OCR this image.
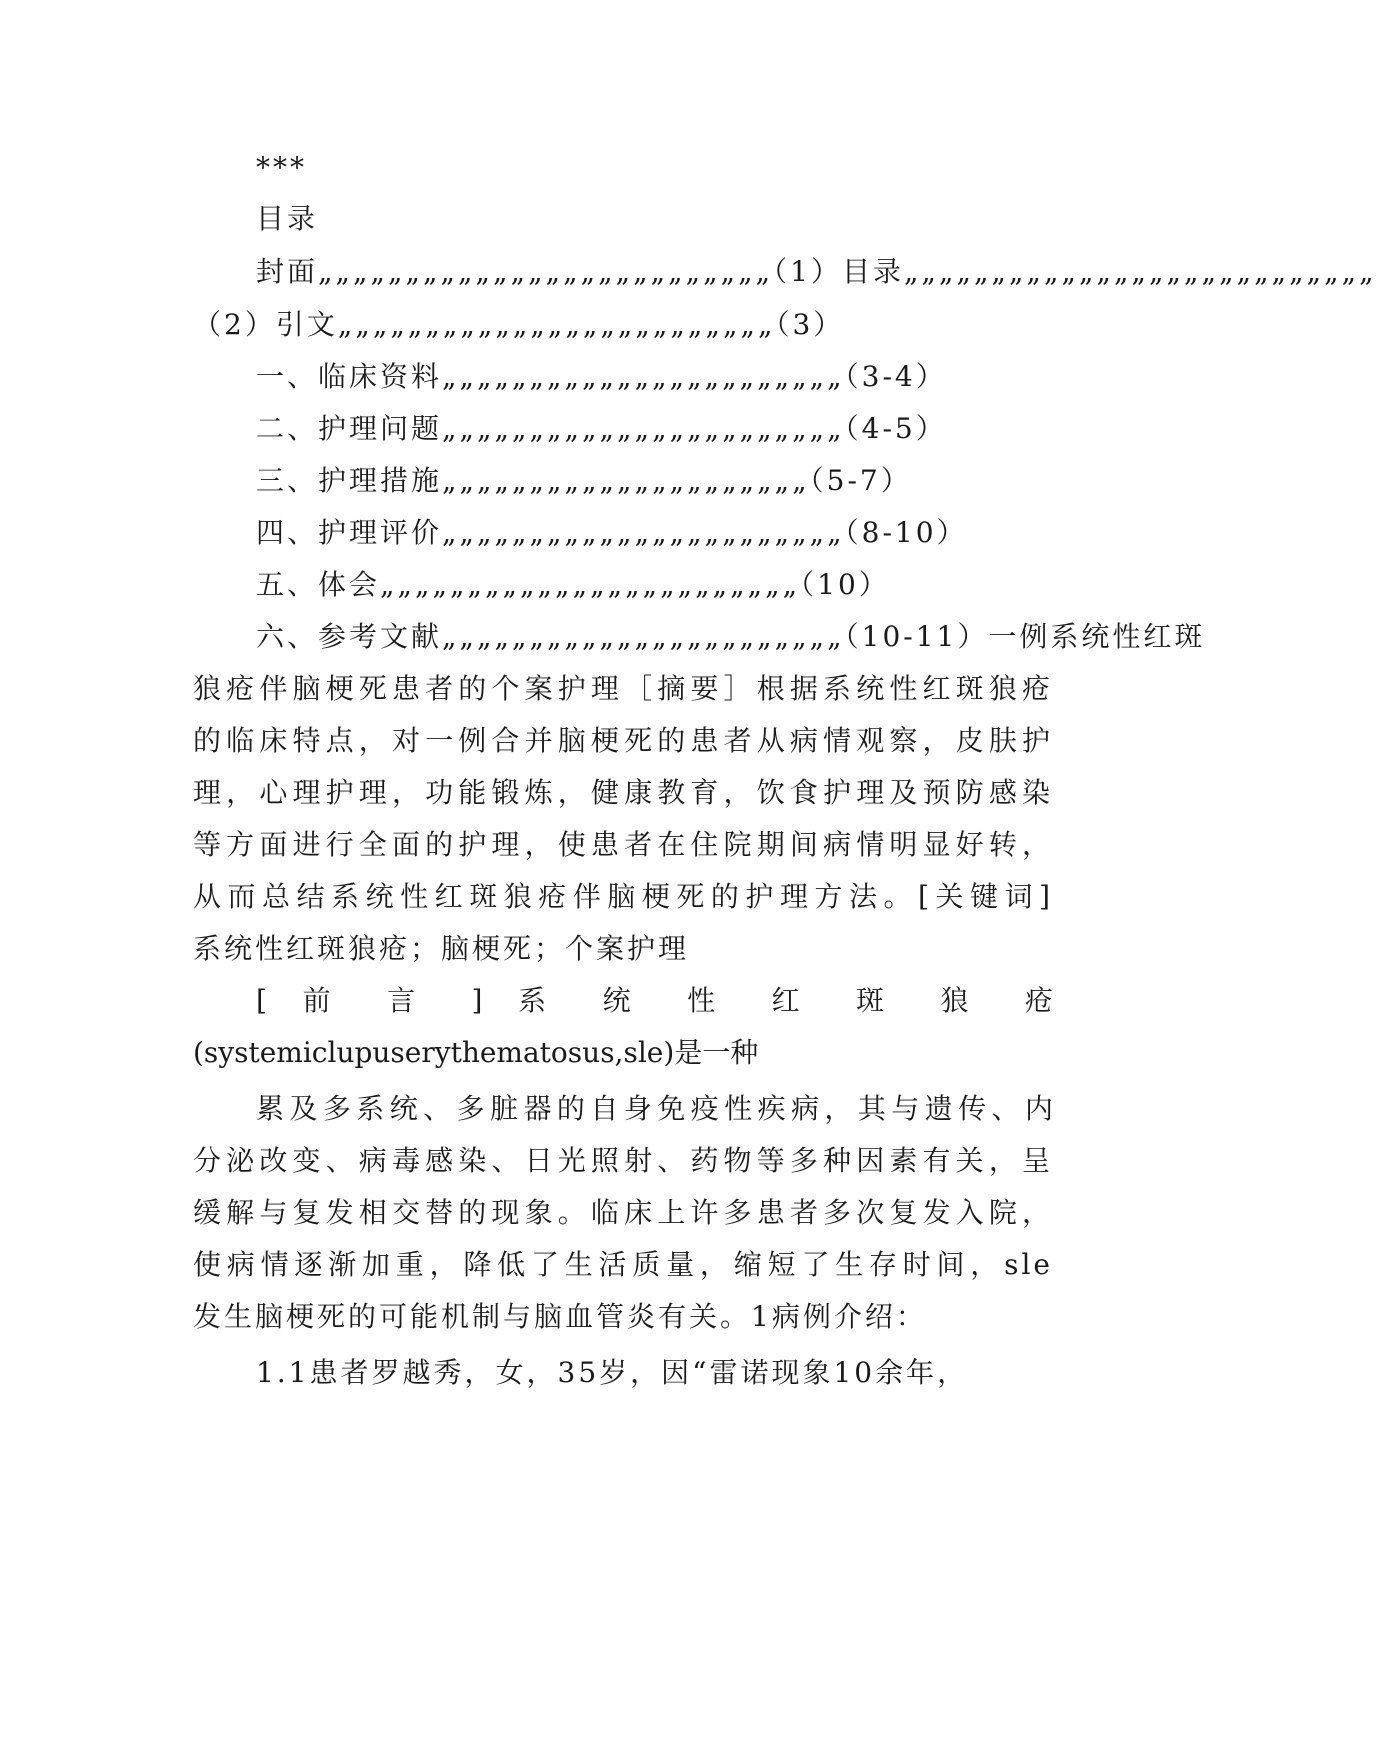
***
目录
封面„„„„„„„„„„„„„„„„„„„„„„„„„„（1）目录„„„„„„„„„„„„„„„„„„„„„„„„„„„
（2）引文„„„„„„„„„„„„„„„„„„„„„„„„„（3）
一、临床资料„„„„„„„„„„„„„„„„„„„„„„„（3-4）
二、护理问题„„„„„„„„„„„„„„„„„„„„„„„（4-5）
三、护理措施„„„„„„„„„„„„„„„„„„„„„（5-7）
四、护理评价„„„„„„„„„„„„„„„„„„„„„„„（8-10）
五、体会„„„„„„„„„„„„„„„„„„„„„„„„（10）
六、参考文献„„„„„„„„„„„„„„„„„„„„„„„（10-11）一例系统性红斑
狼疮伴脑梗死患者的个案护理［摘要］根据系统性红斑狼疮
的临床特点，对一例合并脑梗死的患者从病情观察，皮肤护
理，心理护理，功能锻炼，健康教育，饮食护理及预防感染
等方面进行全面的护理，使患者在住院期间病情明显好转，
从而总结系统性红斑狼疮伴脑梗死的护理方法。[关键词]
系统性红斑狼疮；脑梗死；个案护理
[ 前 言 ] 系 统 性 红 斑 狼 疮
(systemiclupuserythematosus,sle)是一种
累及多系统、多脏器的自身免疫性疾病，其与遗传、内
分泌改变、病毒感染、日光照射、药物等多种因素有关，呈
缓解与复发相交替的现象。临床上许多患者多次复发入院，
使病情逐渐加重，降低了生活质量，缩短了生存时间，sle
发生脑梗死的可能机制与脑血管炎有关。1病例介绍：
1.1患者罗越秀，女，35岁，因“雷诺现象10余年，
